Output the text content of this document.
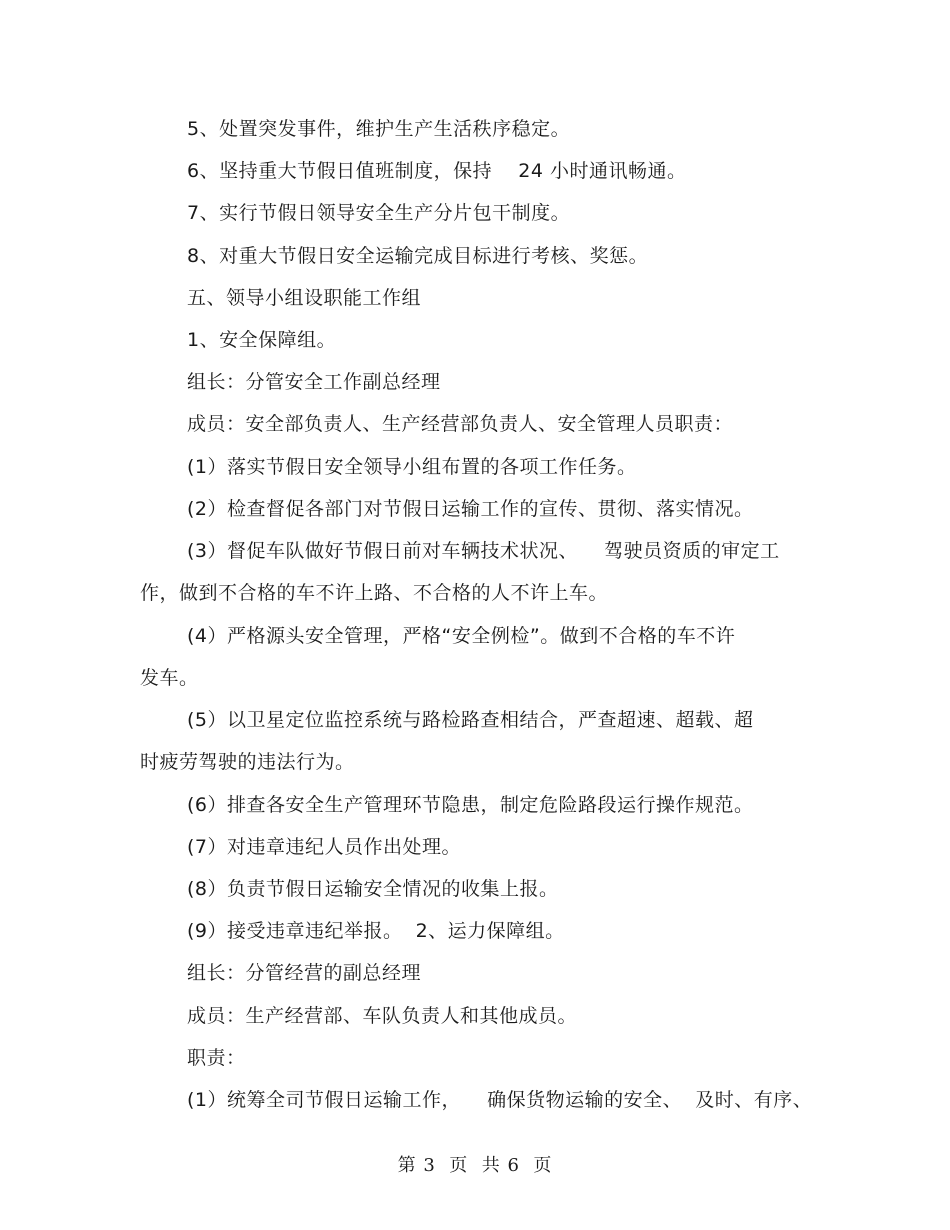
5、处置突发事件，维护生产生活秩序稳定。
6、坚持重大节假日值班制度，保持    24 小时通讯畅通。
7、实行节假日领导安全生产分片包干制度。
8、对重大节假日安全运输完成目标进行考核、奖惩。
五、领导小组设职能工作组
1、安全保障组。
组长：分管安全工作副总经理
成员：安全部负责人、生产经营部负责人、安全管理人员职责：
(1）落实节假日安全领导小组布置的各项工作任务。
(2）检查督促各部门对节假日运输工作的宣传、贯彻、落实情况。
(3）督促车队做好节假日前对车辆技术状况、    驾驶员资质的审定工
作，做到不合格的车不许上路、不合格的人不许上车。
(4）严格源头安全管理，严格“安全例检”。做到不合格的车不许
发车。
(5）以卫星定位监控系统与路检路查相结合，严查超速、超载、超
时疲劳驾驶的违法行为。
(6）排查各安全生产管理环节隐患，制定危险路段运行操作规范。
(7）对违章违纪人员作出处理。
(8）负责节假日运输安全情况的收集上报。
(9）接受违章违纪举报。  2、运力保障组。
组长：分管经营的副总经理
成员：生产经营部、车队负责人和其他成员。
职责：
(1）统筹全司节假日运输工作，    确保货物运输的安全、  及时、有序、
第 3  页  共 6  页
